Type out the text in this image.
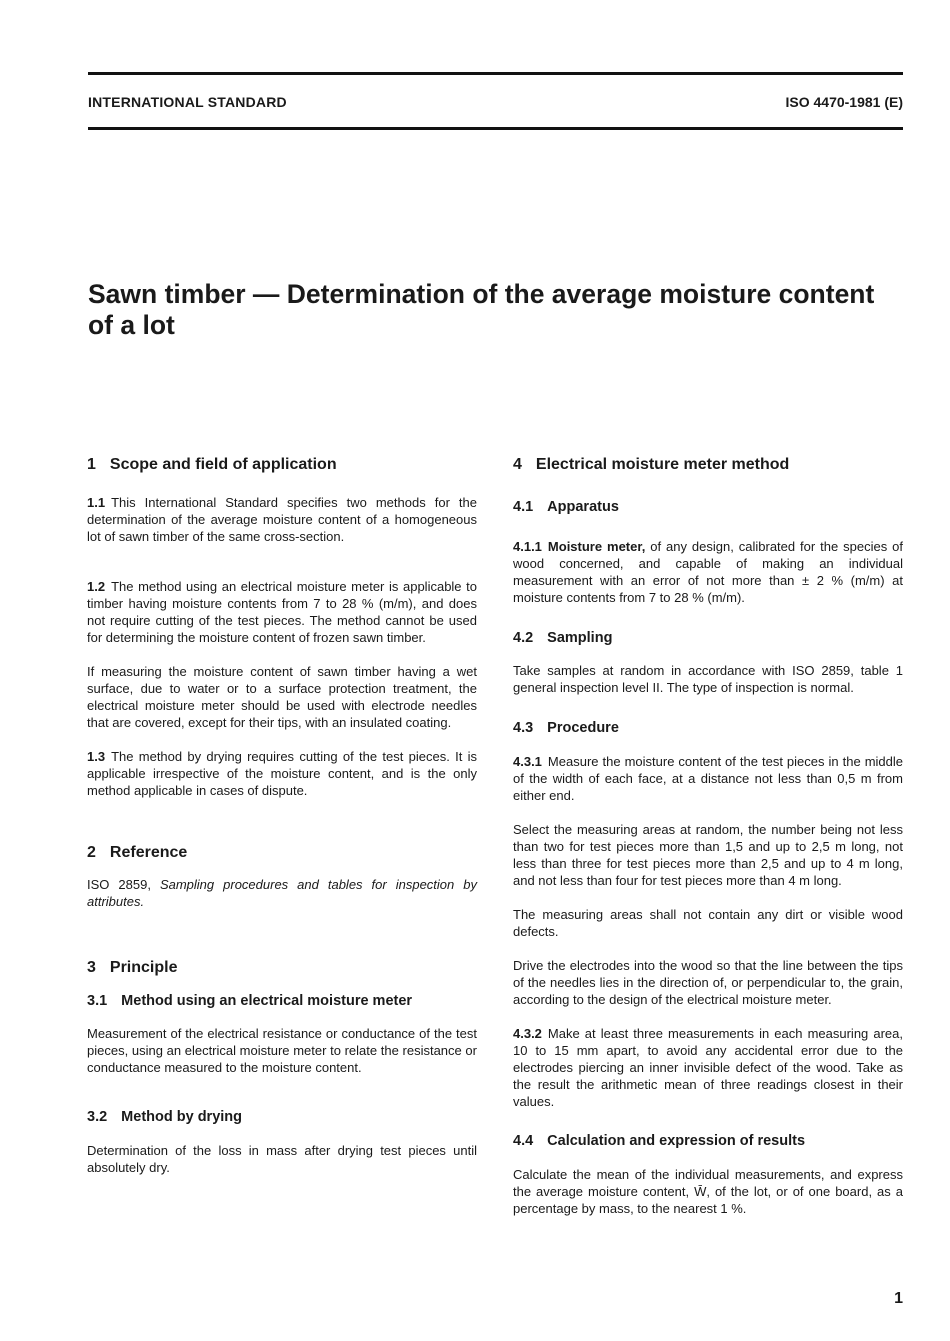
INTERNATIONAL STANDARD	ISO 4470-1981 (E)
Sawn timber — Determination of the average moisture content of a lot
1 Scope and field of application

1.1 This International Standard specifies two methods for the determination of the average moisture content of a homogeneous lot of sawn timber of the same cross-section.

1.2 The method using an electrical moisture meter is applicable to timber having moisture contents from 7 to 28 % (m/m), and does not require cutting of the test pieces. The method cannot be used for determining the moisture content of frozen sawn timber.

If measuring the moisture content of sawn timber having a wet surface, due to water or to a surface protection treatment, the electrical moisture meter should be used with electrode needles that are covered, except for their tips, with an insulated coating.

1.3 The method by drying requires cutting of the test pieces. It is applicable irrespective of the moisture content, and is the only method applicable in cases of dispute.

2 Reference

ISO 2859, Sampling procedures and tables for inspection by attributes.

3 Principle
3.1 Method using an electrical moisture meter

Measurement of the electrical resistance or conductance of the test pieces, using an electrical moisture meter to relate the resistance or conductance measured to the moisture content.

3.2 Method by drying

Determination of the loss in mass after drying test pieces until absolutely dry.

4 Electrical moisture meter method
4.1 Apparatus

4.1.1 Moisture meter, of any design, calibrated for the species of wood concerned, and capable of making an individual measurement with an error of not more than ± 2 % (m/m) at moisture contents from 7 to 28 % (m/m).

4.2 Sampling

Take samples at random in accordance with ISO 2859, table 1 general inspection level II. The type of inspection is normal.

4.3 Procedure

4.3.1 Measure the moisture content of the test pieces in the middle of the width of each face, at a distance not less than 0,5 m from either end.

Select the measuring areas at random, the number being not less than two for test pieces more than 1,5 and up to 2,5 m long, not less than three for test pieces more than 2,5 and up to 4 m long, and not less than four for test pieces more than 4 m long.

The measuring areas shall not contain any dirt or visible wood defects.

Drive the electrodes into the wood so that the line between the tips of the needles lies in the direction of, or perpendicular to, the grain, according to the design of the electrical moisture meter.

4.3.2 Make at least three measurements in each measuring area, 10 to 15 mm apart, to avoid any accidental error due to the electrodes piercing an inner invisible defect of the wood. Take as the result the arithmetic mean of three readings closest in their values.

4.4 Calculation and expression of results

Calculate the mean of the individual measurements, and express the average moisture content, W̄, of the lot, or of one board, as a percentage by mass, to the nearest 1 %.

1
